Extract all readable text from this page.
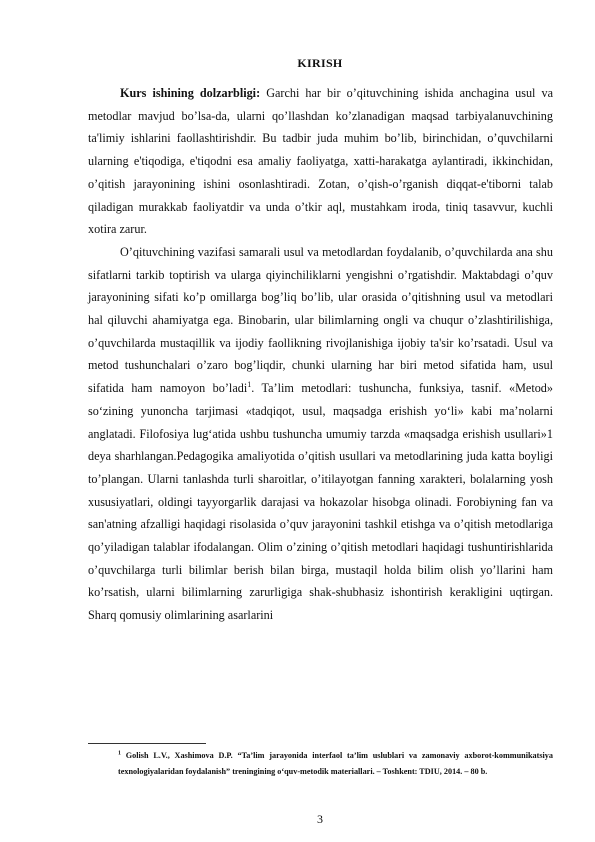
KIRISH

Kurs ishining dolzarbligi: Garchi har bir o’qituvchining ishida anchagina usul va metodlar mavjud bo’lsa-da, ularni qo’llashdan ko’zlanadigan maqsad tarbiyalanuvchining ta'limiy ishlarini faollashtirishdir. Bu tadbir juda muhim bo’lib, birinchidan, o’quvchilarni ularning e'tiqodiga, e'tiqodni esa amaliy faoliyatga, xatti-harakatga aylantiradi, ikkinchidan, o’qitish jarayonining ishini osonlashtiradi. Zotan, o’qish-o’rganish diqqat-e'tiborni talab qiladigan murakkab faoliyatdir va unda o’tkir aql, mustahkam iroda, tiniq tasavvur, kuchli xotira zarur.

O’qituvchining vazifasi samarali usul va metodlardan foydalanib, o’quvchilarda ana shu sifatlarni tarkib toptirish va ularga qiyinchiliklarni yengishni o’rgatishdir. Maktabdagi o’quv jarayonining sifati ko’p omillarga bog’liq bo’lib, ular orasida o’qitishning usul va metodlari hal qiluvchi ahamiyatga ega. Binobarin, ular bilimlarning ongli va chuqur o’zlashtirilishiga, o’quvchilarda mustaqillik va ijodiy faollikning rivojlanishiga ijobiy ta'sir ko’rsatadi. Usul va metod tushunchalari o’zaro bog’liqdir, chunki ularning har biri metod sifatida ham, usul sifatida ham namoyon bo’ladi$^1$. Ta’lim metodlari: tushuncha, funksiya, tasnif. «Metod» so‘zining yunoncha tarjimasi «tadqiqot, usul, maqsadga erishish yo‘li» kabi ma’nolarni anglatadi. Filofosiya lug‘atida ushbu tushuncha umumiy tarzda «maqsadga erishish usullari»1 deya sharhlangan.Pedagogika amaliyotida o’qitish usullari va metodlarining juda katta boyligi to’plangan. Ularni tanlashda turli sharoitlar, o’itilayotgan fanning xarakteri, bolalarning yosh xususiyatlari, oldingi tayyorgarlik darajasi va hokazolar hisobga olinadi. Forobiyning fan va san'atning afzalligi haqidagi risolasida o’quv jarayonini tashkil etishga va o’qitish metodlariga qo’yiladigan talablar ifodalangan. Olim o’zining o’qitish metodlari haqidagi tushuntirishlarida o’quvchilarga turli bilimlar berish bilan birga, mustaqil holda bilim olish yo’llarini ham ko’rsatish, ularni bilimlarning zarurligiga shak-shubhasiz ishontirish kerakligini uqtirgan. Sharq qomusiy olimlarining asarlarini

$^1$ Golish L.V., Xashimova D.P. “Ta’lim jarayonida interfaol ta’lim uslublari va zamonaviy axborot-kommunikatsiya texnologiyalaridan foydalanish” treningining o‘quv-metodik materiallari. – Toshkent: TDIU, 2014. – 80 b.
3
